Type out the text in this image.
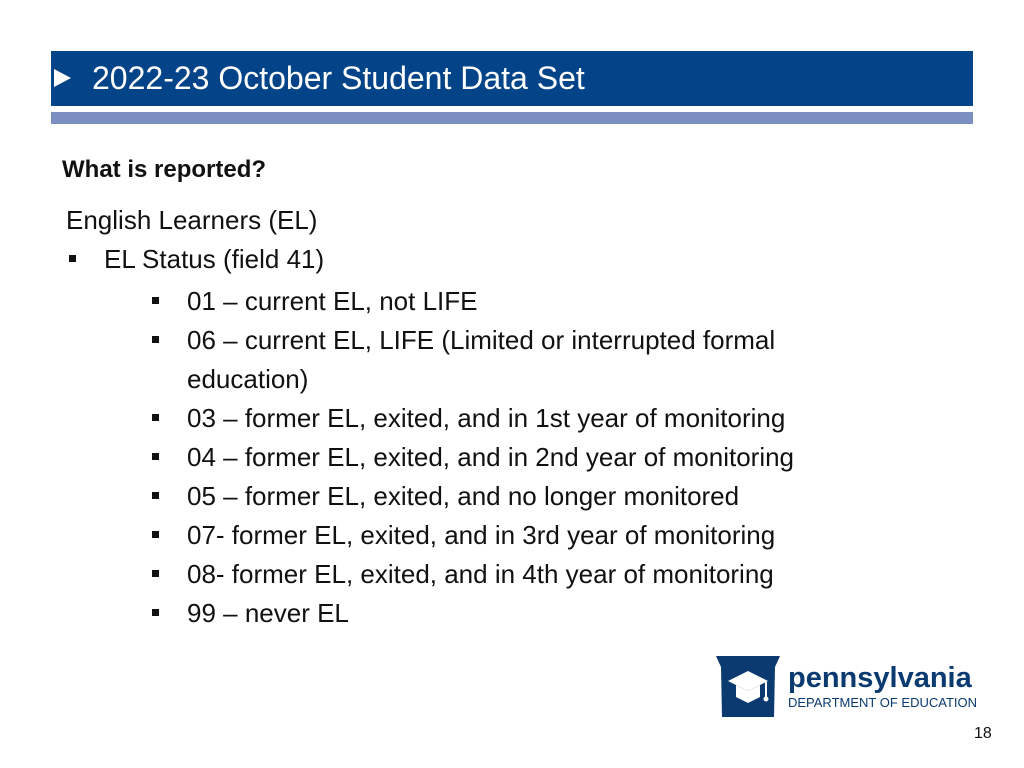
2022-23 October Student Data Set
What is reported?
English Learners (EL)
EL Status (field 41)
01 – current EL, not LIFE
06 – current EL, LIFE (Limited or interrupted formal education)
03 – former EL, exited, and in 1st year of monitoring
04 – former EL, exited, and in 2nd year of monitoring
05 – former EL, exited, and no longer monitored
07- former EL, exited, and in 3rd year of monitoring
08- former EL, exited, and in 4th year of monitoring
99 – never EL
pennsylvania
DEPARTMENT OF EDUCATION
18
